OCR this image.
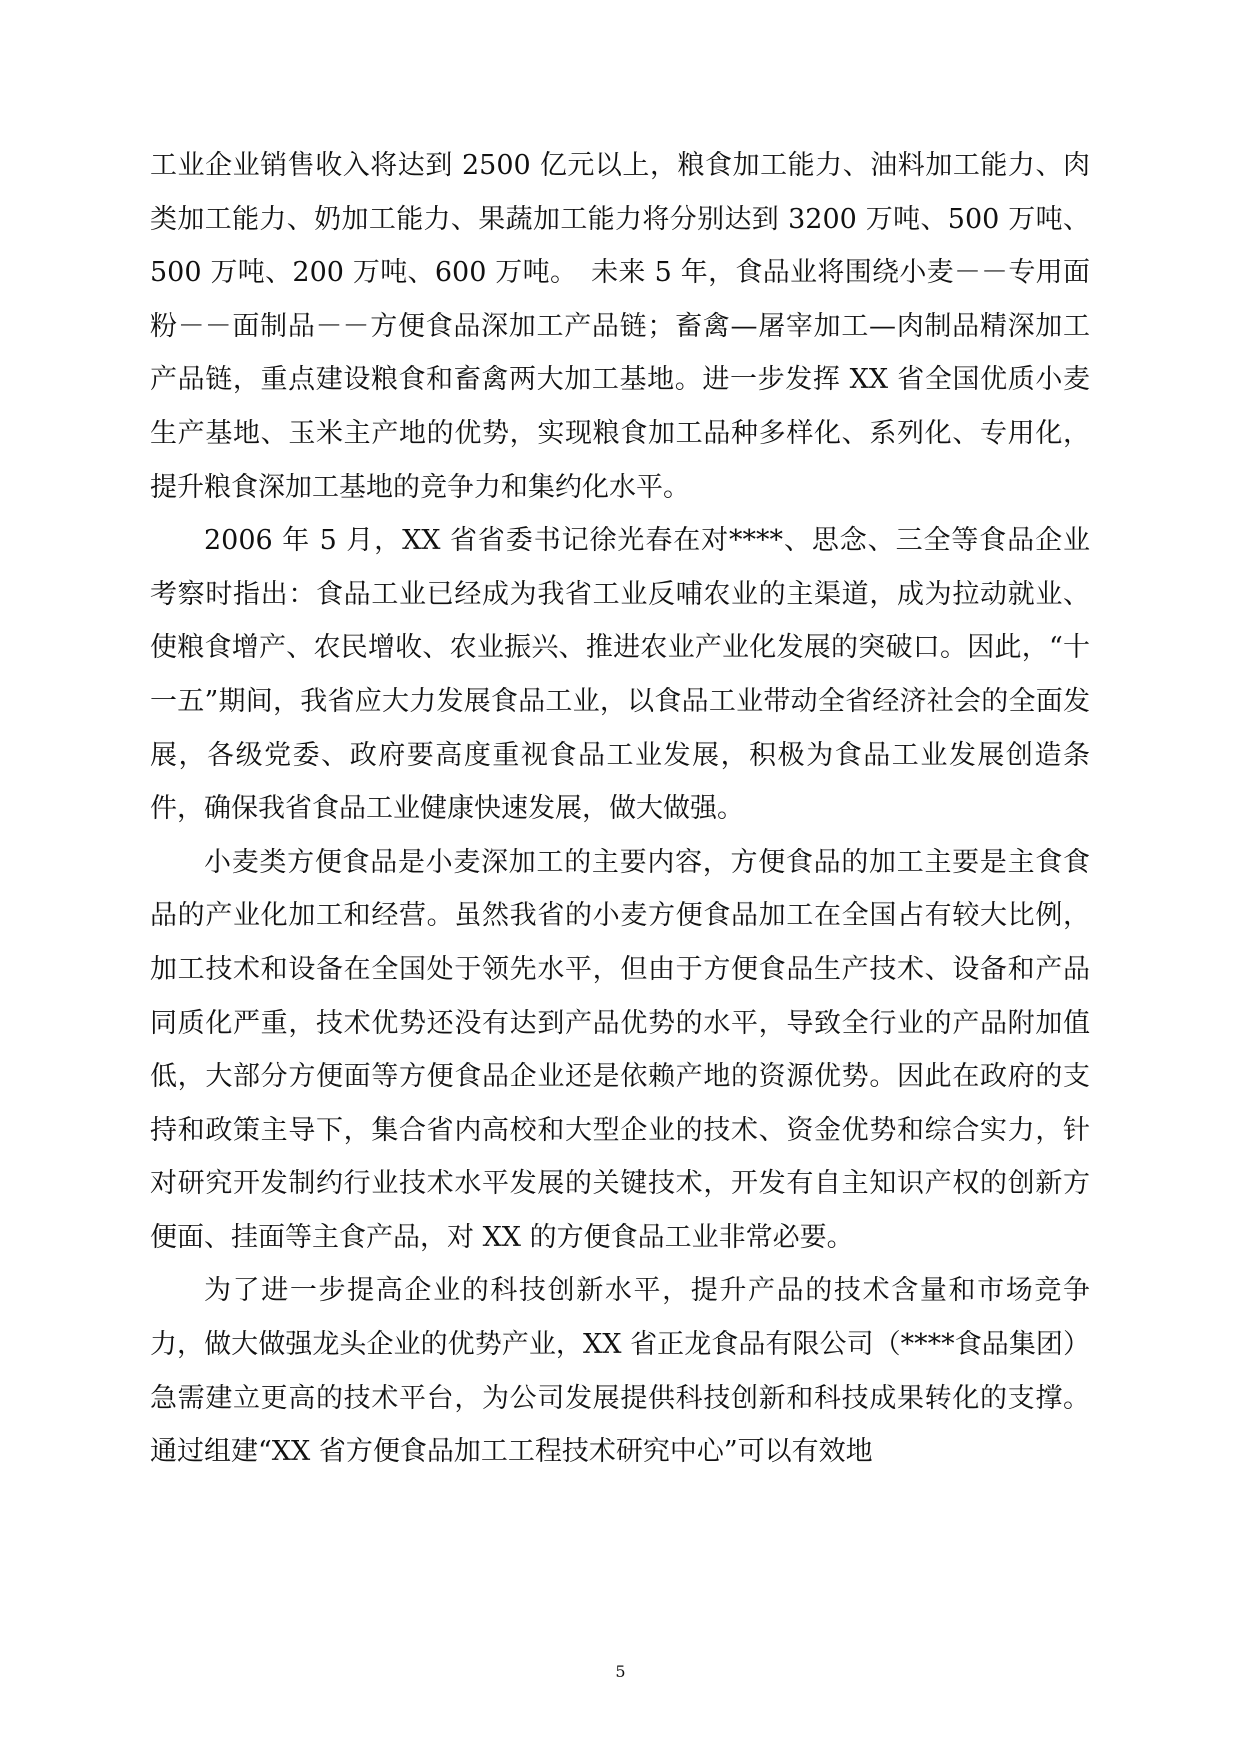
工业企业销售收入将达到 2500 亿元以上，粮食加工能力、油料加工能力、肉类加工能力、奶加工能力、果蔬加工能力将分别达到 3200 万吨、500 万吨、500 万吨、200 万吨、600 万吨。　未来 5 年，食品业将围绕小麦－－专用面粉－－面制品－－方便食品深加工产品链；畜禽—屠宰加工—肉制品精深加工产品链，重点建设粮食和畜禽两大加工基地。进一步发挥 XX 省全国优质小麦生产基地、玉米主产地的优势，实现粮食加工品种多样化、系列化、专用化，提升粮食深加工基地的竞争力和集约化水平。

2006 年 5 月，XX 省省委书记徐光春在对****、思念、三全等食品企业考察时指出：食品工业已经成为我省工业反哺农业的主渠道，成为拉动就业、使粮食增产、农民增收、农业振兴、推进农业产业化发展的突破口。因此，“十一五”期间，我省应大力发展食品工业，以食品工业带动全省经济社会的全面发展，各级党委、政府要高度重视食品工业发展，积极为食品工业发展创造条件，确保我省食品工业健康快速发展，做大做强。

小麦类方便食品是小麦深加工的主要内容，方便食品的加工主要是主食食品的产业化加工和经营。虽然我省的小麦方便食品加工在全国占有较大比例，加工技术和设备在全国处于领先水平，但由于方便食品生产技术、设备和产品同质化严重，技术优势还没有达到产品优势的水平，导致全行业的产品附加值低，大部分方便面等方便食品企业还是依赖产地的资源优势。因此在政府的支持和政策主导下，集合省内高校和大型企业的技术、资金优势和综合实力，针对研究开发制约行业技术水平发展的关键技术，开发有自主知识产权的创新方便面、挂面等主食产品，对 XX 的方便食品工业非常必要。

为了进一步提高企业的科技创新水平，提升产品的技术含量和市场竞争力，做大做强龙头企业的优势产业，XX 省正龙食品有限公司（****食品集团）急需建立更高的技术平台，为公司发展提供科技创新和科技成果转化的支撑。通过组建“XX 省方便食品加工工程技术研究中心”可以有效地

5
